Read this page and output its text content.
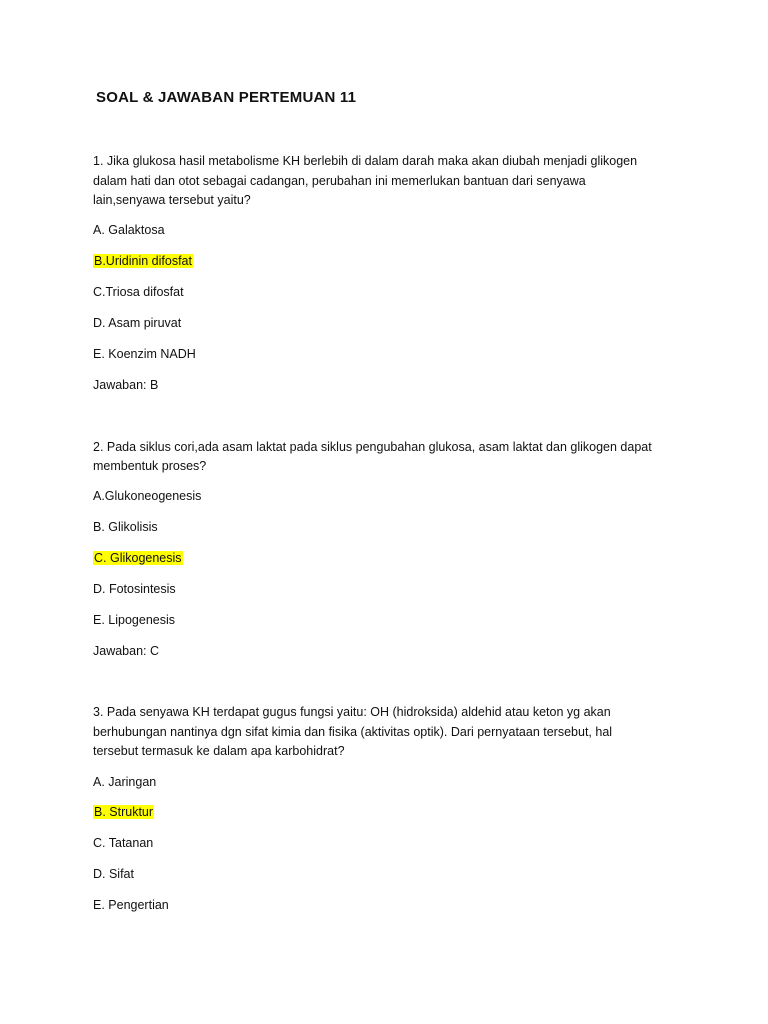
SOAL & JAWABAN PERTEMUAN 11

1. Jika glukosa hasil metabolisme KH berlebih di dalam darah maka akan diubah menjadi glikogen

dalam hati dan otot sebagai cadangan, perubahan ini memerlukan bantuan dari senyawa

lain,senyawa tersebut yaitu?

A. Galaktosa

B.Uridinin difosfat

C.Triosa difosfat

D. Asam piruvat

E. Koenzim NADH

Jawaban: B

2. Pada siklus cori,ada asam laktat pada siklus pengubahan glukosa, asam laktat dan glikogen dapat

membentuk proses?

A.Glukoneogenesis

B. Glikolisis

C. Glikogenesis

D. Fotosintesis

E. Lipogenesis

Jawaban: C

3. Pada senyawa KH terdapat gugus fungsi yaitu: OH (hidroksida) aldehid atau keton yg akan

berhubungan nantinya dgn sifat kimia dan fisika (aktivitas optik). Dari pernyataan tersebut, hal

tersebut termasuk ke dalam apa karbohidrat?

A. Jaringan

B. Struktur

C. Tatanan

D. Sifat

E. Pengertian
